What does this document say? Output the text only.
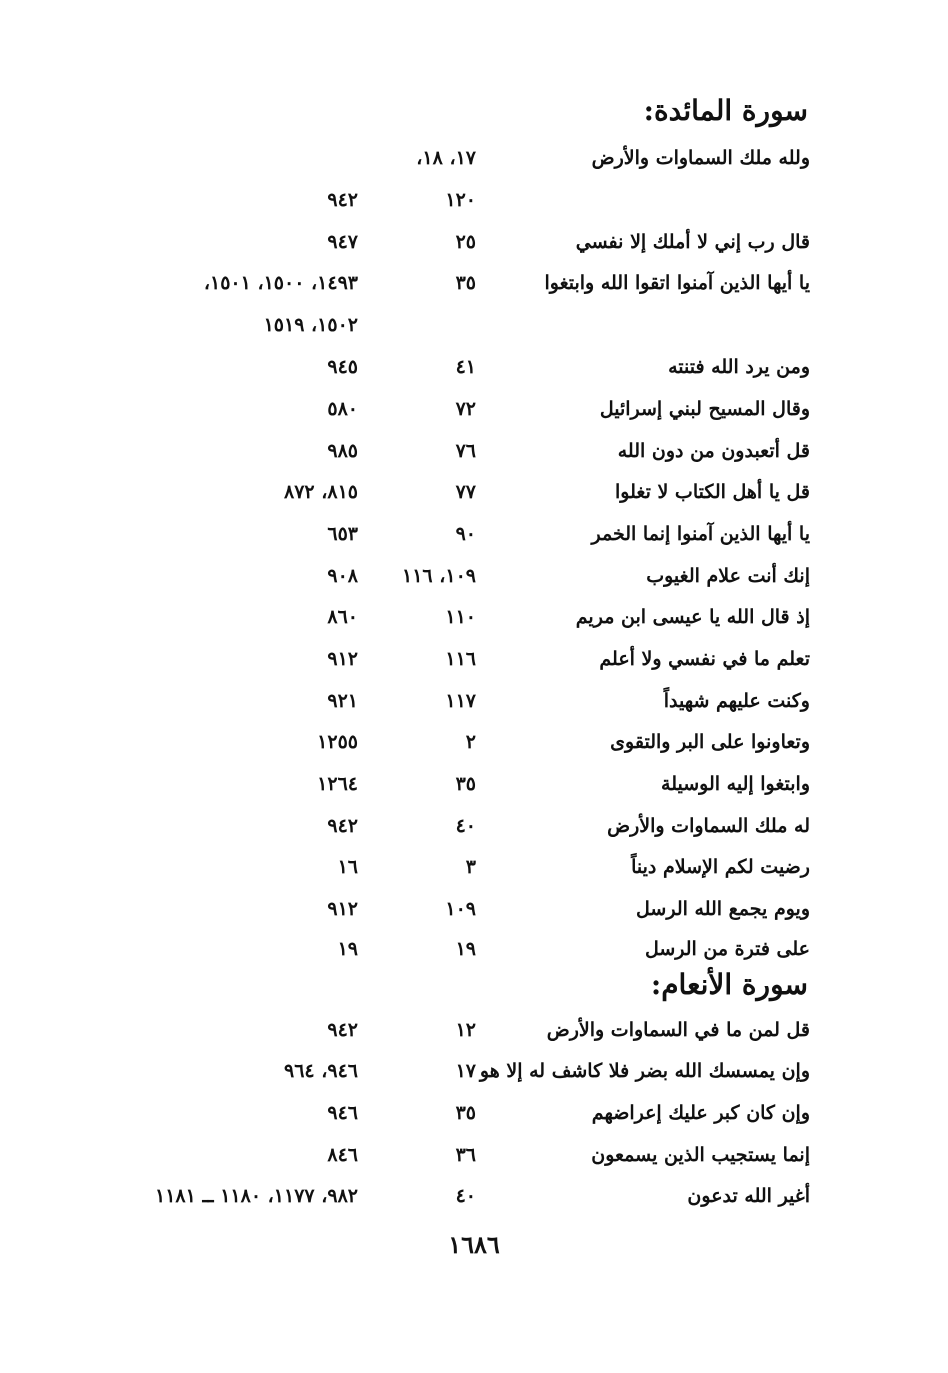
سورة المائدة:
ولله ملك السماوات والأرض
١٧، ١٨،
١٢٠
٩٤٢
قال رب إني لا أملك إلا نفسي
٢٥
٩٤٧
يا أيها الذين آمنوا اتقوا الله وابتغوا
٣٥
١٤٩٣، ١٥٠٠، ١٥٠١،
١٥٠٢، ١٥١٩
ومن يرد الله فتنته
٤١
٩٤٥
وقال المسيح لبني إسرائيل
٧٢
٥٨٠
قل أتعبدون من دون الله
٧٦
٩٨٥
قل يا أهل الكتاب لا تغلوا
٧٧
٨١٥، ٨٧٢
يا أيها الذين آمنوا إنما الخمر
٩٠
٦٥٣
إنك أنت علام الغيوب
١٠٩، ١١٦
٩٠٨
إذ قال الله يا عيسى ابن مريم
١١٠
٨٦٠
تعلم ما في نفسي ولا أعلم
١١٦
٩١٢
وكنت عليهم شهيداً
١١٧
٩٢١
وتعاونوا على البر والتقوى
٢
١٢٥٥
وابتغوا إليه الوسيلة
٣٥
١٢٦٤
له ملك السماوات والأرض
٤٠
٩٤٢
رضيت لكم الإسلام ديناً
٣
١٦
ويوم يجمع الله الرسل
١٠٩
٩١٢
على فترة من الرسل
١٩
١٩
سورة الأنعام:
قل لمن ما في السماوات والأرض
١٢
٩٤٢
وإن يمسسك الله بضر فلا كاشف له إلا هو
١٧
٩٤٦، ٩٦٤
وإن كان كبر عليك إعراضهم
٣٥
٩٤٦
إنما يستجيب الذين يسمعون
٣٦
٨٤٦
أغير الله تدعون
٤٠
٩٨٢، ١١٧٧، ١١٨٠ ــ ١١٨١
١٦٨٦
